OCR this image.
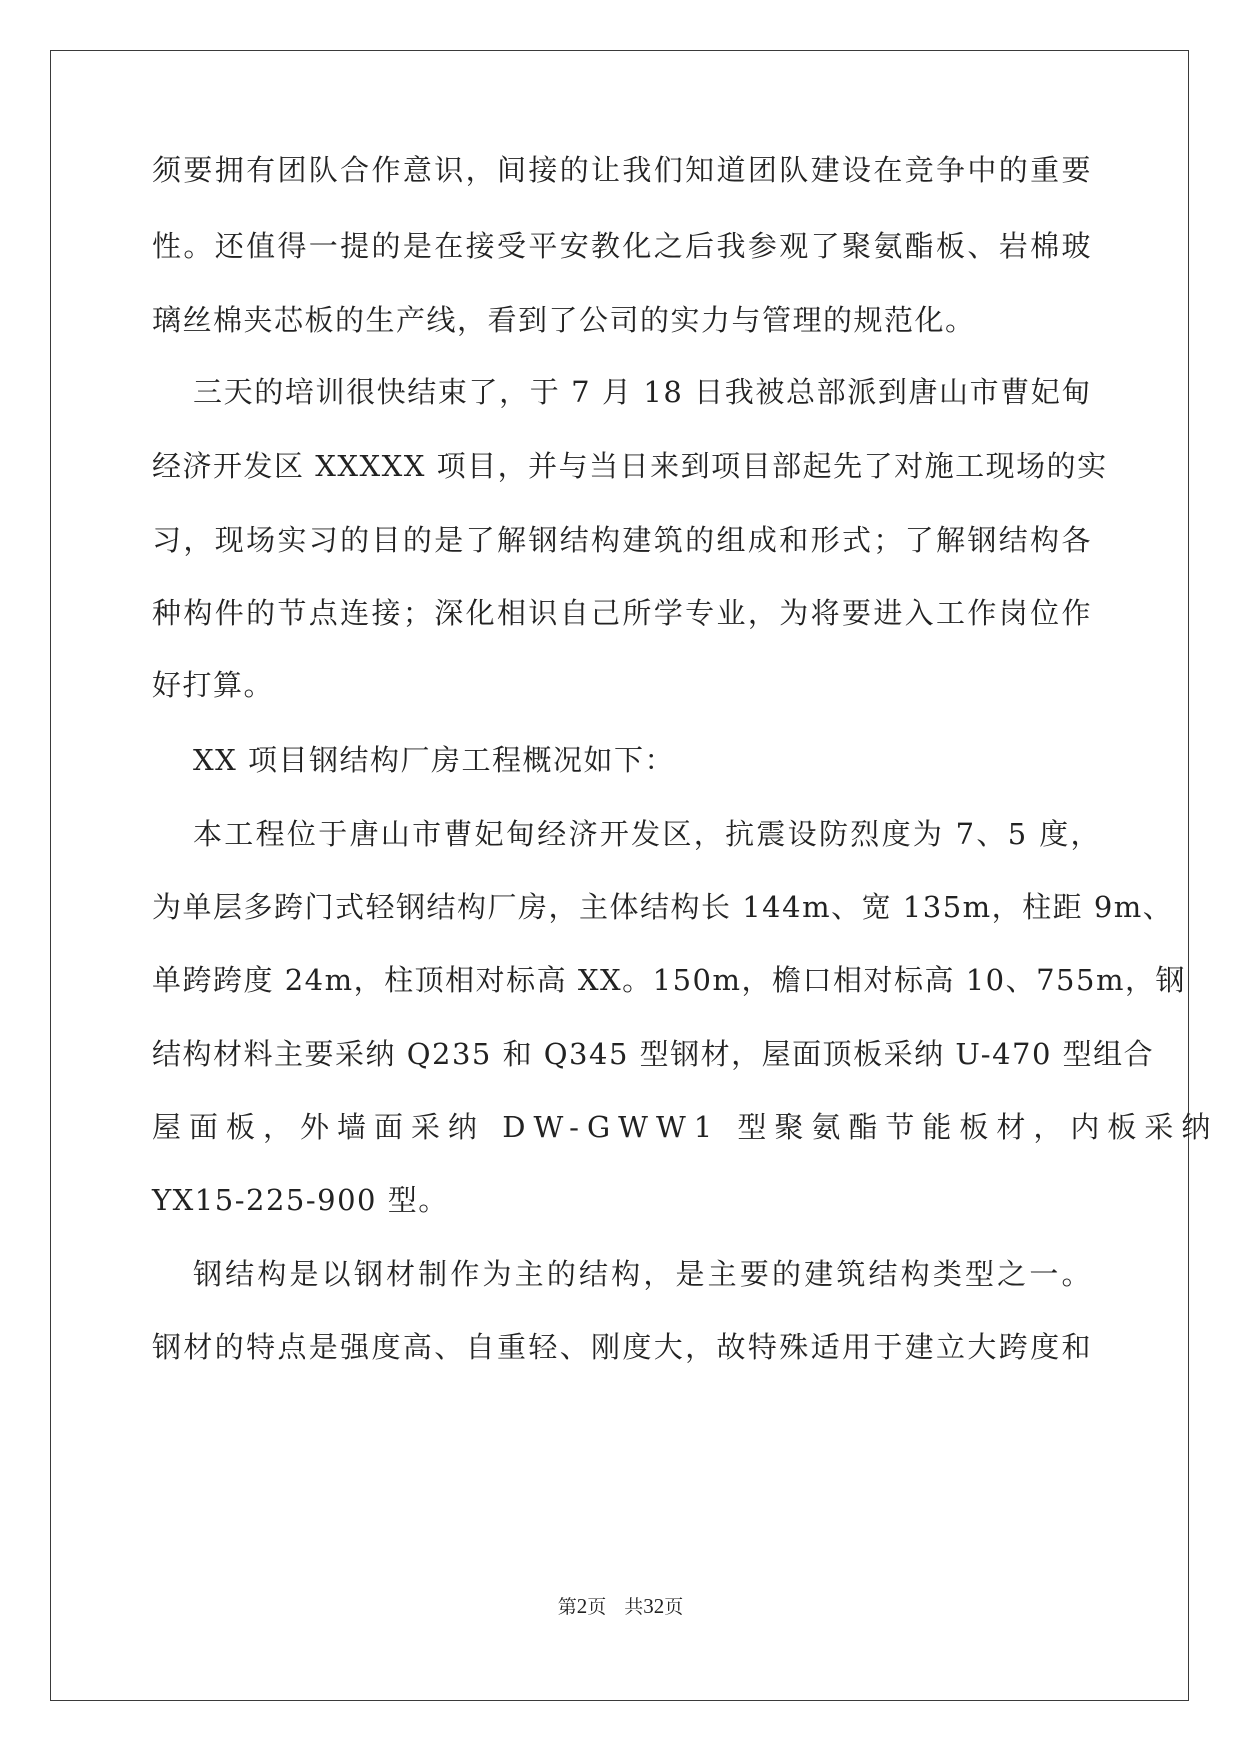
须要拥有团队合作意识，间接的让我们知道团队建设在竞争中的重要
性。还值得一提的是在接受平安教化之后我参观了聚氨酯板、岩棉玻
璃丝棉夹芯板的生产线，看到了公司的实力与管理的规范化。
三天的培训很快结束了，于 7 月 18 日我被总部派到唐山市曹妃甸
经济开发区 XXXXX 项目，并与当日来到项目部起先了对施工现场的实
习，现场实习的目的是了解钢结构建筑的组成和形式；了解钢结构各
种构件的节点连接；深化相识自己所学专业，为将要进入工作岗位作
好打算。
XX 项目钢结构厂房工程概况如下：
本工程位于唐山市曹妃甸经济开发区，抗震设防烈度为 7、5 度，
为单层多跨门式轻钢结构厂房，主体结构长 144m、宽 135m，柱距 9m、
单跨跨度 24m，柱顶相对标高 XX。150m，檐口相对标高 10、755m，钢
结构材料主要采纳 Q235 和 Q345 型钢材，屋面顶板采纳 U-470 型组合
屋面板，外墙面采纳 DW-GWW1 型聚氨酯节能板材，内板采纳
YX15-225-900 型。
钢结构是以钢材制作为主的结构，是主要的建筑结构类型之一。
钢材的特点是强度高、自重轻、刚度大，故特殊适用于建立大跨度和
第2页 共32页
